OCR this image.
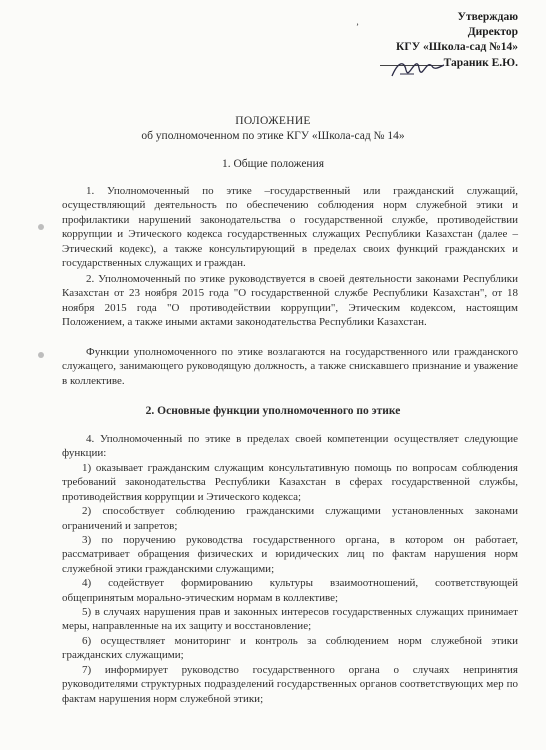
ʼ
Утверждаю
Директор
КГУ «Школа-сад №14»
Тараник Е.Ю.
ПОЛОЖЕНИЕ
об уполномоченном по этике КГУ «Школа-сад № 14»
1. Общие положения
1. Уполномоченный по этике –государственный или гражданский служащий, осуществляющий деятельность по обеспечению соблюдения норм служебной этики и профилактики нарушений законодательства о государственной службе, противодействии коррупции и Этического кодекса государственных служащих Республики Казахстан (далее – Этический кодекс), а также консультирующий в пределах своих функций гражданских и государственных служащих и граждан.
2. Уполномоченный по этике руководствуется в своей деятельности законами Республики Казахстан от 23 ноября 2015 года "О государственной службе Республики Казахстан", от 18 ноября 2015 года "О противодействии коррупции", Этическим кодексом, настоящим Положением, а также иными актами законодательства Республики Казахстан.
Функции уполномоченного по этике возлагаются на государственного или гражданского служащего, занимающего руководящую должность, а также снискавшего признание и уважение в коллективе.
2. Основные функции уполномоченного по этике
4. Уполномоченный по этике в пределах своей компетенции осуществляет следующие функции:
1) оказывает гражданским служащим консультативную помощь по вопросам соблюдения требований законодательства Республики Казахстан в сферах государственной службы, противодействия коррупции и Этического кодекса;
2) способствует соблюдению гражданскими служащими установленных законами ограничений и запретов;
3) по поручению руководства государственного органа, в котором он работает, рассматривает обращения физических и юридических лиц по фактам нарушения норм служебной этики гражданскими служащими;
4) содействует формированию культуры взаимоотношений, соответствующей общепринятым морально-этическим нормам в коллективе;
5) в случаях нарушения прав и законных интересов государственных служащих принимает меры, направленные на их защиту и восстановление;
6) осуществляет мониторинг и контроль за соблюдением норм служебной этики гражданских служащими;
7) информирует руководство государственного органа о случаях непринятия руководителями структурных подразделений государственных органов соответствующих мер по фактам нарушения норм служебной этики;
